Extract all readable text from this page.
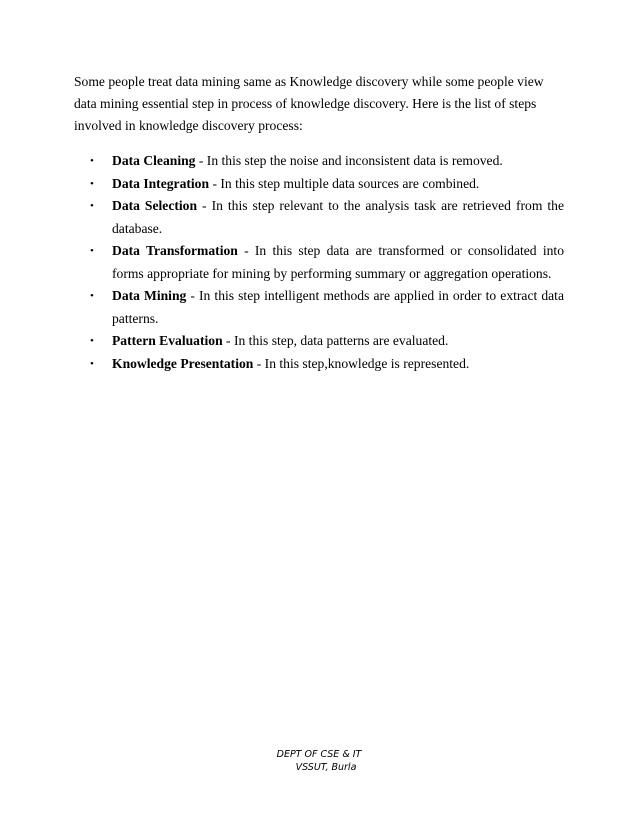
Some people treat data mining same as Knowledge discovery while some people view data mining essential step in process of knowledge discovery. Here is the list of steps involved in knowledge discovery process:

• Data Cleaning - In this step the noise and inconsistent data is removed.
• Data Integration - In this step multiple data sources are combined.
• Data Selection - In this step relevant to the analysis task are retrieved from the database.
• Data Transformation - In this step data are transformed or consolidated into forms appropriate for mining by performing summary or aggregation operations.
• Data Mining - In this step intelligent methods are applied in order to extract data patterns.
• Pattern Evaluation - In this step, data patterns are evaluated.
• Knowledge Presentation - In this step,knowledge is represented.
DEPT OF CSE & IT
VSSUT, Burla
